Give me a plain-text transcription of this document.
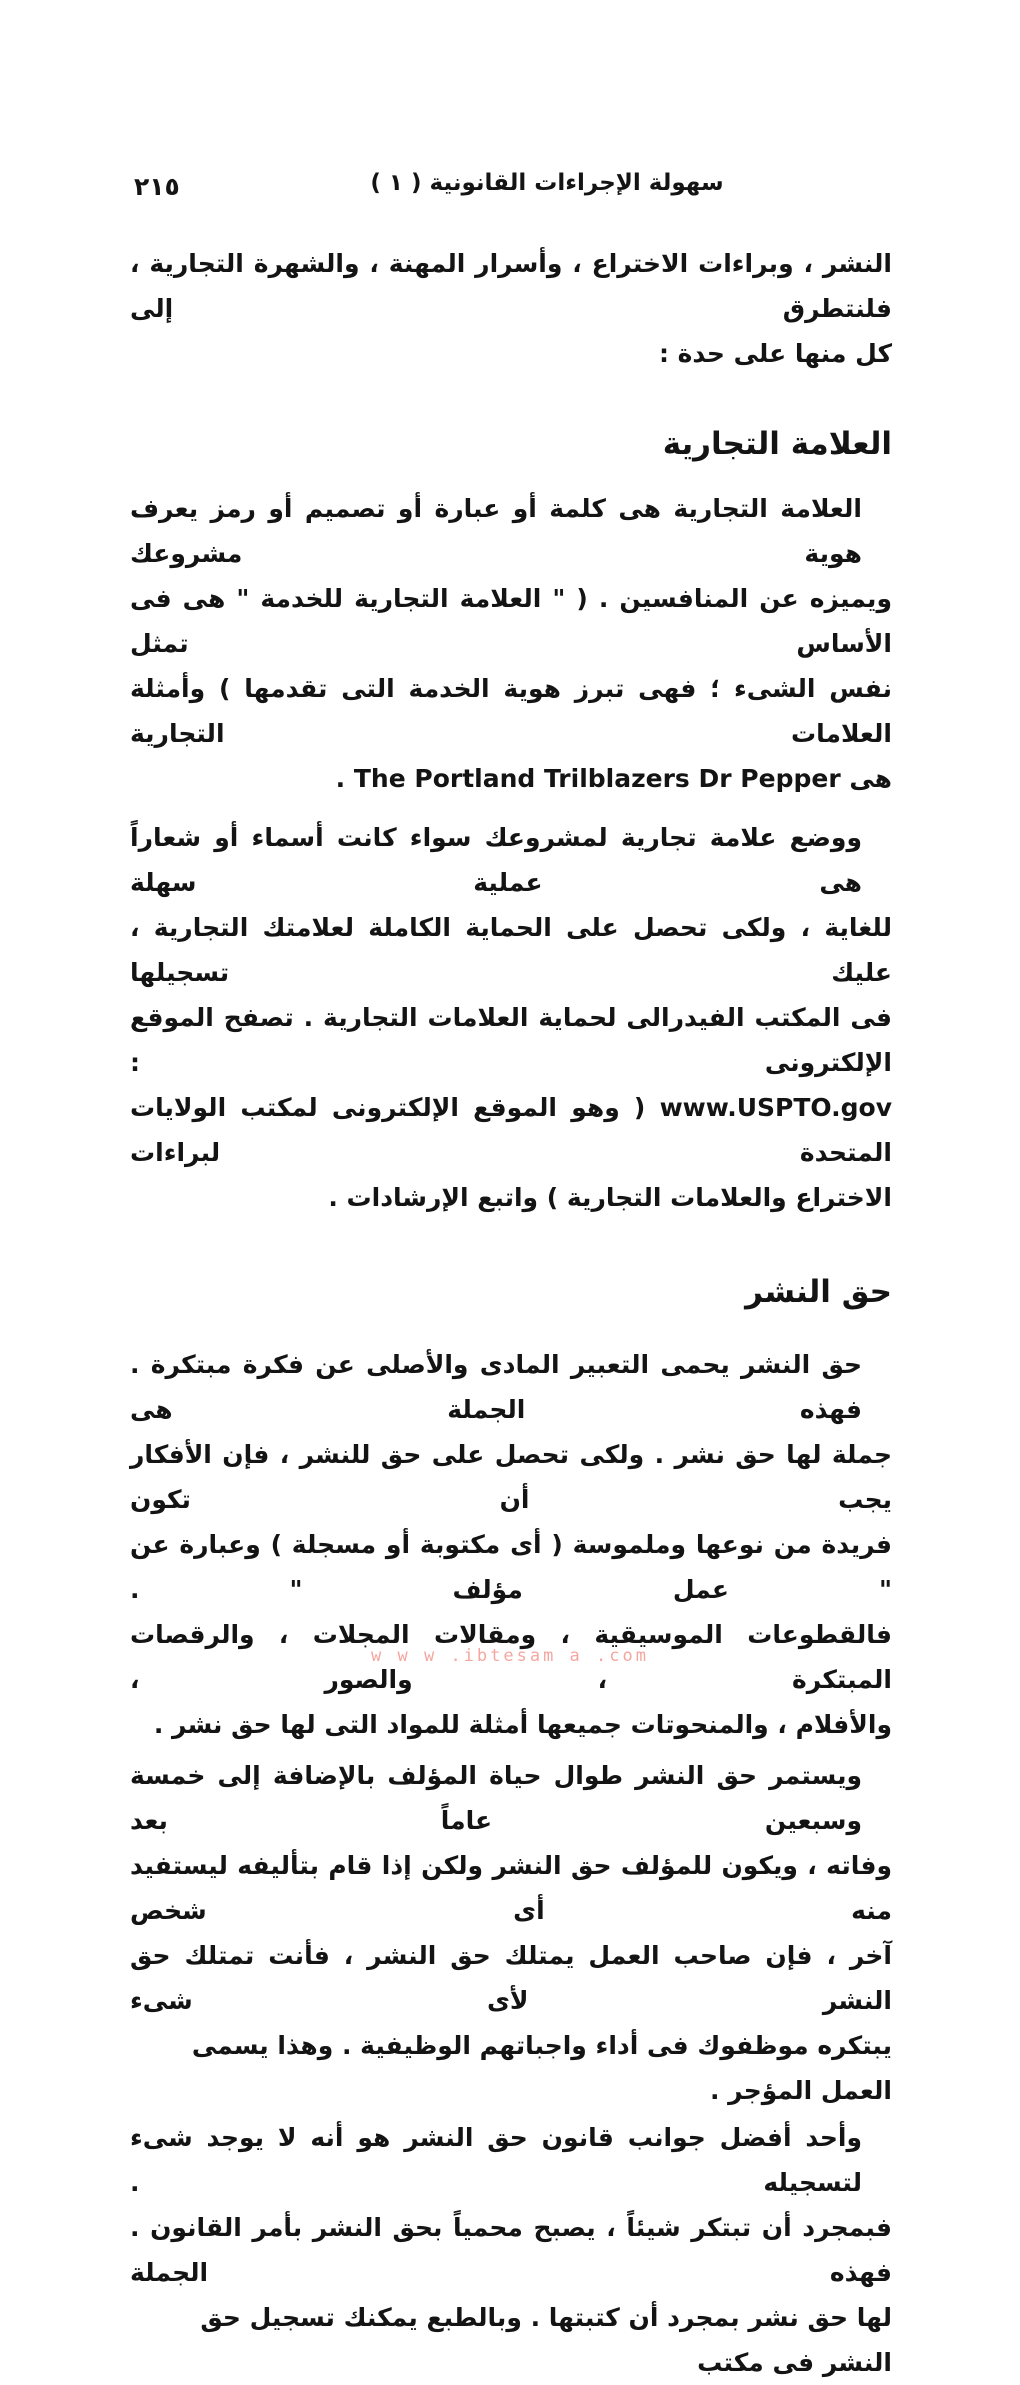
٢١٥	سهولة الإجراءات القانونية ( ١ )
النشر ، وبراءات الاختراع ، وأسرار المهنة ، والشهرة التجارية ، فلنتطرق إلى
كل منها على حدة :
العلامة التجارية
العلامة التجارية هى كلمة أو عبارة أو تصميم أو رمز يعرف هوية مشروعك
ويميزه عن المنافسين . ( " العلامة التجارية للخدمة " هى فى الأساس تمثل
نفس الشىء ؛ فهى تبرز هوية الخدمة التى تقدمها ) وأمثلة العلامات التجارية
هى The Portland Trilblazers Dr Pepper .
ووضع علامة تجارية لمشروعك سواء كانت أسماء أو شعاراً هى عملية سهلة
للغاية ، ولكى تحصل على الحماية الكاملة لعلامتك التجارية ، عليك تسجيلها
فى المكتب الفيدرالى لحماية العلامات التجارية . تصفح الموقع الإلكترونى :
www.USPTO.gov ( وهو الموقع الإلكترونى لمكتب الولايات المتحدة لبراءات
الاختراع والعلامات التجارية ) واتبع الإرشادات .
حق النشر
حق النشر يحمى التعبير المادى والأصلى عن فكرة مبتكرة . فهذه الجملة هى
جملة لها حق نشر . ولكى تحصل على حق للنشر ، فإن الأفكار يجب أن تكون
فريدة من نوعها وملموسة ( أى مكتوبة أو مسجلة ) وعبارة عن " عمل مؤلف " .
فالقطوعات الموسيقية ، ومقالات المجلات ، والرقصات المبتكرة ، والصور ،
والأفلام ، والمنحوتات جميعها أمثلة للمواد التى لها حق نشر .
ويستمر حق النشر طوال حياة المؤلف بالإضافة إلى خمسة وسبعين عاماً بعد
وفاته ، ويكون للمؤلف حق النشر ولكن إذا قام بتأليفه ليستفيد منه أى شخص
آخر ، فإن صاحب العمل يمتلك حق النشر ، فأنت تمتلك حق النشر لأى شىء
يبتكره موظفوك فى أداء واجباتهم الوظيفية . وهذا يسمى العمل المؤجر .
وأحد أفضل جوانب قانون حق النشر هو أنه لا يوجد شىء لتسجيله .
فبمجرد أن تبتكر شيئاً ، يصبح محمياً بحق النشر بأمر القانون . فهذه الجملة
لها حق نشر بمجرد أن كتبتها . وبالطبع يمكنك تسجيل حق النشر فى مكتب
w w w .ibtesam a .com
